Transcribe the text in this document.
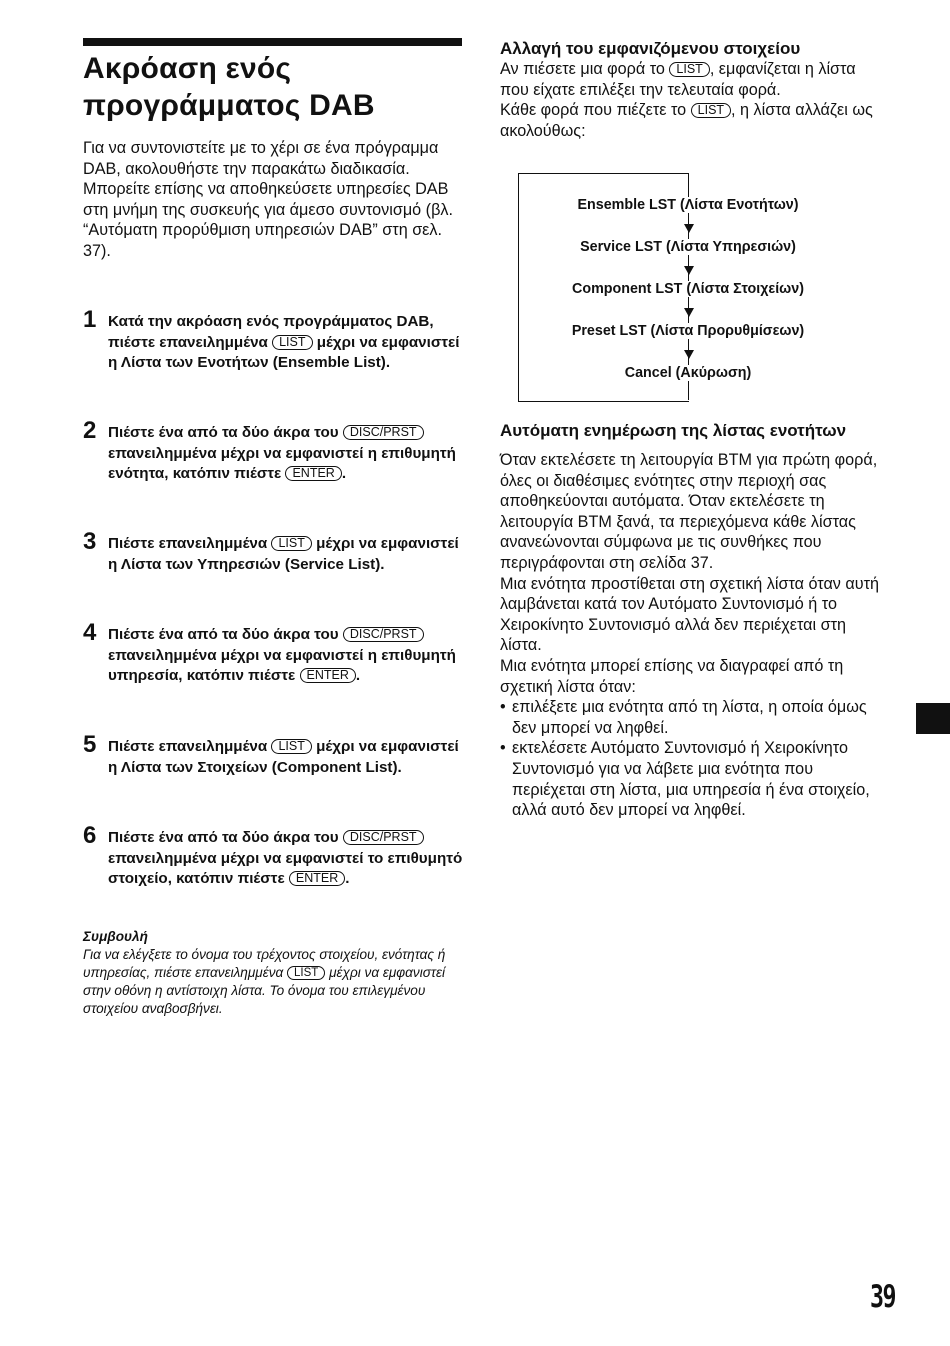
Ακρόαση ενός προγράμματος DAB

Για να συντονιστείτε με το χέρι σε ένα πρόγραμμα DAB, ακολουθήστε την παρακάτω διαδικασία.

Μπορείτε επίσης να αποθηκεύσετε υπηρεσίες DAB στη μνήμη της συσκευής για άμεσο συντονισμό (βλ. “Αυτόματη προρύθμιση υπηρεσιών DAB” στη σελ. 37).

1 Κατά την ακρόαση ενός προγράμματος DAB, πιέστε επανειλημμένα LIST μέχρι να εμφανιστεί η Λίστα των Ενοτήτων (Ensemble List).
2 Πιέστε ένα από τα δύο άκρα του DISC/PRST επανειλημμένα μέχρι να εμφανιστεί η επιθυμητή ενότητα, κατόπιν πιέστε ENTER .
3 Πιέστε επανειλημμένα LIST μέχρι να εμφανιστεί η Λίστα των Υπηρεσιών (Service List).
4 Πιέστε ένα από τα δύο άκρα του DISC/PRST επανειλημμένα μέχρι να εμφανιστεί η επιθυμητή υπηρεσία, κατόπιν πιέστε ENTER .
5 Πιέστε επανειλημμένα LIST μέχρι να εμφανιστεί η Λίστα των Στοιχείων (Component List).
6 Πιέστε ένα από τα δύο άκρα του DISC/PRST επανειλημμένα μέχρι να εμφανιστεί το επιθυμητό στοιχείο, κατόπιν πιέστε ENTER .
Συμβουλή

Για να ελέγξετε το όνομα του τρέχοντος στοιχείου, ενότητας ή υπηρεσίας, πιέστε επανειλημμένα LIST μέχρι να εμφανιστεί στην οθόνη η αντίστοιχη λίστα. Το όνομα του επιλεγμένου στοιχείου αναβοσβήνει.

Αλλαγή του εμφανιζόμενου στοιχείου

Αν πιέσετε μια φορά το LIST , εμφανίζεται η λίστα που είχατε επιλέξει την τελευταία φορά.

Κάθε φορά που πιέζετε το LIST , η λίστα αλλάζει ως ακολούθως:

Ensemble LST (Λίστα Ενοτήτων)
Service LST (Λίστα Υπηρεσιών)
Component LST (Λίστα Στοιχείων)
Preset LST (Λίστα Προρυθμίσεων)
Cancel (Ακύρωση)
Αυτόματη ενημέρωση της λίστας ενοτήτων

Όταν εκτελέσετε τη λειτουργία BTM για πρώτη φορά, όλες οι διαθέσιμες ενότητες στην περιοχή σας αποθηκεύονται αυτόματα. Όταν εκτελέσετε τη λειτουργία BTM ξανά, τα περιεχόμενα κάθε λίστας ανανεώνονται σύμφωνα με τις συνθήκες που περιγράφονται στη σελίδα 37.

Μια ενότητα προστίθεται στη σχετική λίστα όταν αυτή λαμβάνεται κατά τον Αυτόματο Συντονισμό ή το Χειροκίνητο Συντονισμό αλλά δεν περιέχεται στη λίστα.

Μια ενότητα μπορεί επίσης να διαγραφεί από τη σχετική λίστα όταν:

• επιλέξετε μια ενότητα από τη λίστα, η οποία όμως δεν μπορεί να ληφθεί.
• εκτελέσετε Αυτόματο Συντονισμό ή Χειροκίνητο Συντονισμό για να λάβετε μια ενότητα που περιέχεται στη λίστα, μια υπηρεσία ή ένα στοιχείο, αλλά αυτό δεν μπορεί να ληφθεί.
39
